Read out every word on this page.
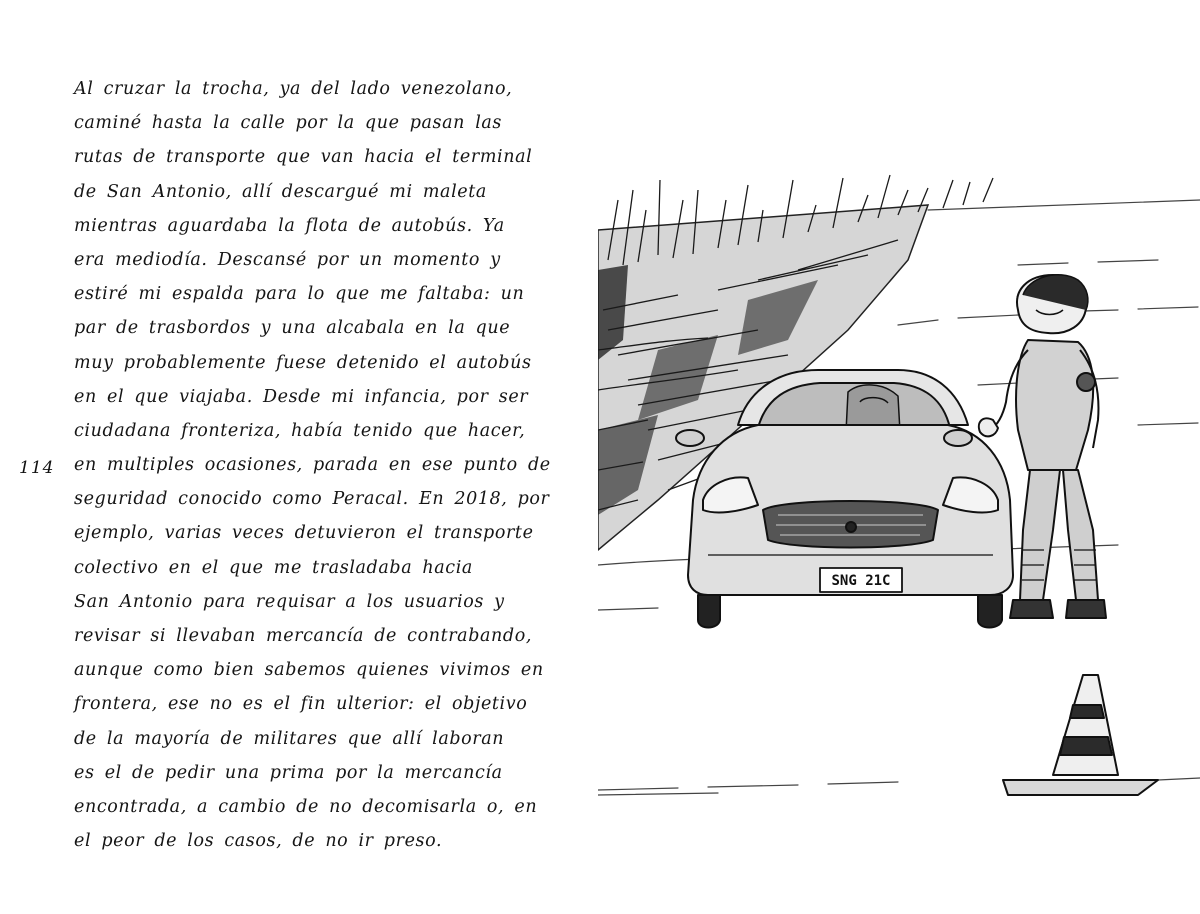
114
Al cruzar la trocha, ya del lado venezolano,
caminé hasta la calle por la que pasan las
rutas de transporte que van hacia el terminal
de San Antonio, allí descargué mi maleta
mientras aguardaba la flota de autobús. Ya
era mediodía. Descansé por un momento y
estiré mi espalda para lo que me faltaba: un
par de trasbordos y una alcabala en la que
muy probablemente fuese detenido el autobús
en el que viajaba. Desde mi infancia, por ser
ciudadana fronteriza, había tenido que hacer,
en multiples ocasiones, parada en ese punto de
seguridad conocido como Peracal. En 2018, por
ejemplo, varias veces detuvieron el transporte
colectivo en el que me trasladaba hacia
San Antonio para requisar a los usuarios y
revisar si llevaban mercancía de contrabando,
aunque como bien sabemos quienes vivimos en
frontera, ese no es el fin ulterior: el objetivo
de la mayoría de militares que allí laboran
es el de pedir una prima por la mercancía
encontrada, a cambio de no decomisarla o, en
el peor de los casos, de no ir preso.
SNG 21C
